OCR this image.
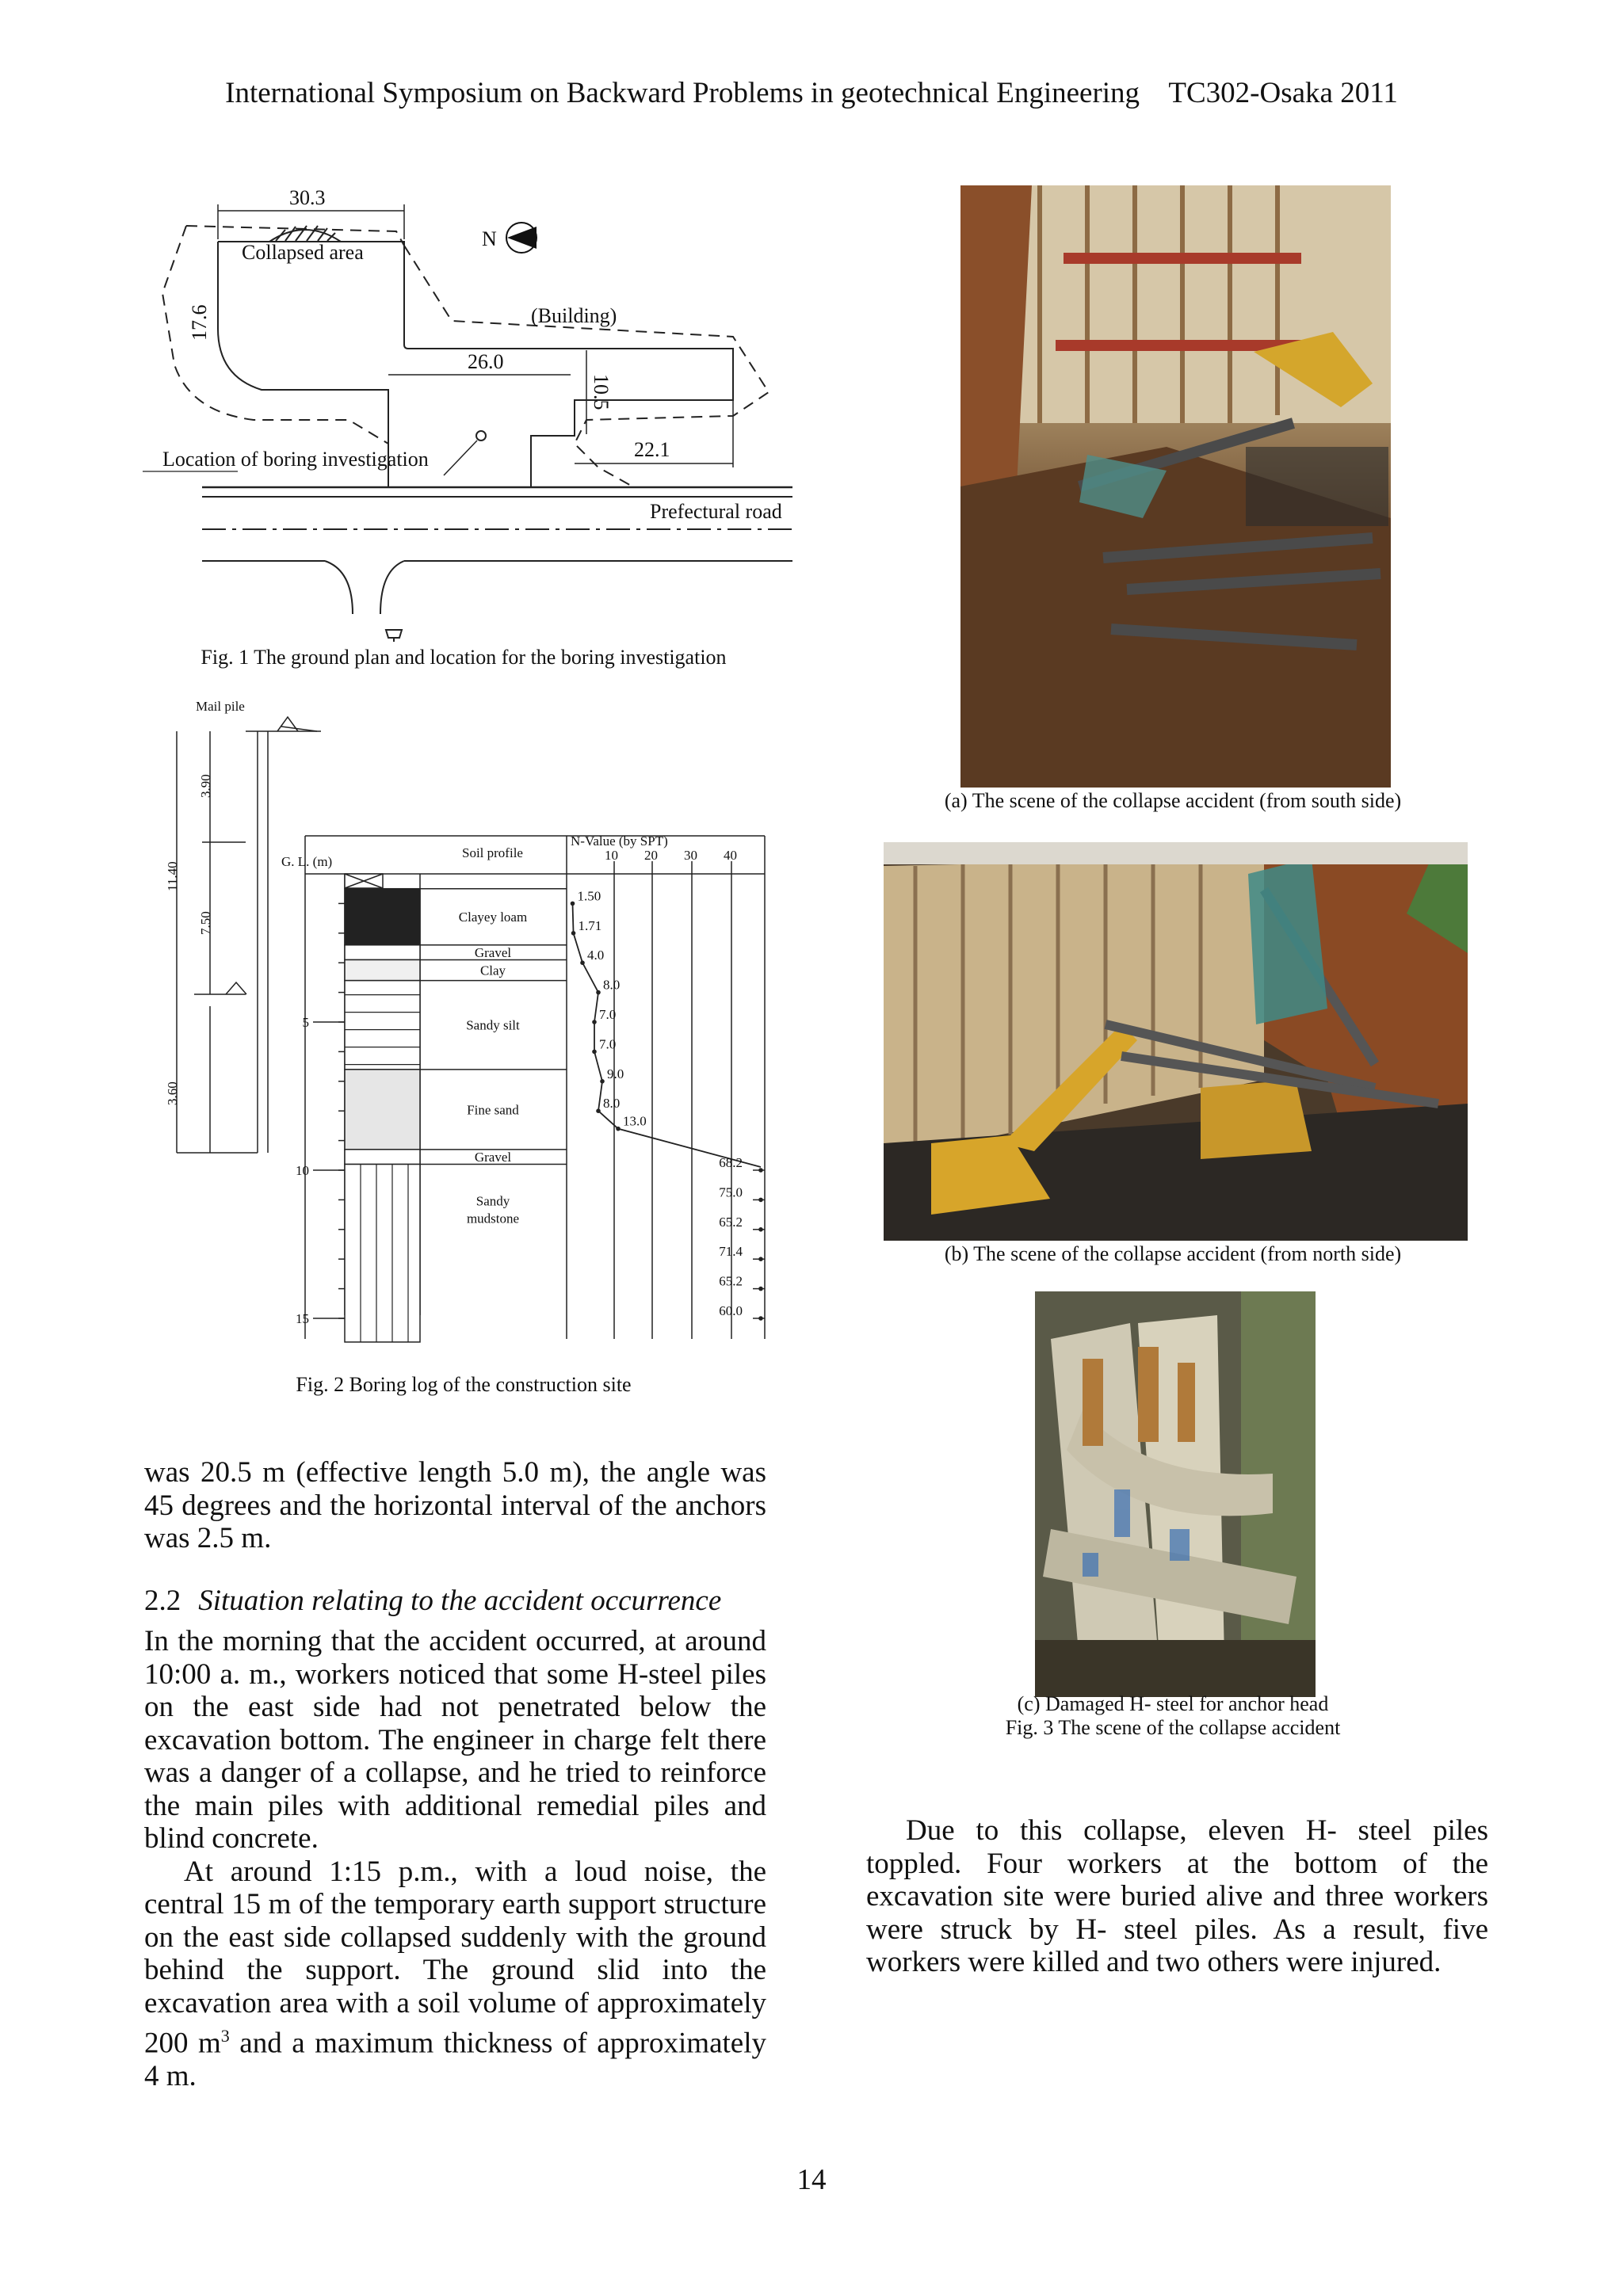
International Symposium on Backward Problems in geotechnical Engineering    TC302-Osaka 2011
N
30.3
Collapsed area
17.6	(Building)
26.0
10.5
22.1
Location of boring investigation
Prefectural road
Fig. 1 The ground plan and location for the boring investigation
Clayey loam
Gravel
Clay
Sandy silt
Fine sand
Gravel
Sandy
mudstone
5
10
15
1.50
1.71
4.0
8.0
7.0
7.0
9.0
8.0
13.0
68.2
75.0
65.2
71.4
65.2
60.0
Mail pile
3.90
7.50
11.40
3.60
G. L. (m)
Soil profile
N-Value (by SPT)
10 20 30 40
Fig. 2 Boring log of the construction site
(a) The scene of the collapse accident (from south side)
(b) The scene of the collapse accident (from north side)
(c) Damaged H- steel for anchor head
Fig. 3 The scene of the collapse accident

was 20.5 m (effective length 5.0 m), the angle was 45 degrees and the horizontal interval of the anchors was 2.5 m.

2.2 Situation relating to the accident occurrence

In the morning that the accident occurred, at around 10:00 a. m., workers noticed that some H-steel piles on the east side had not penetrated below the excavation bottom. The engineer in charge felt there was a danger of a collapse, and he tried to reinforce the main piles with additional remedial piles and blind concrete.

At around 1:15 p.m., with a loud noise, the central 15 m of the temporary earth support structure on the east side collapsed suddenly with the ground behind the support. The ground slid into the excavation area with a soil volume of approximately 200 $m^3$ and a maximum thickness of approximately 4 m.

Due to this collapse, eleven H- steel piles toppled. Four workers at the bottom of the excavation site were buried alive and three workers were struck by H- steel piles. As a result, five workers were killed and two others were injured.

14
